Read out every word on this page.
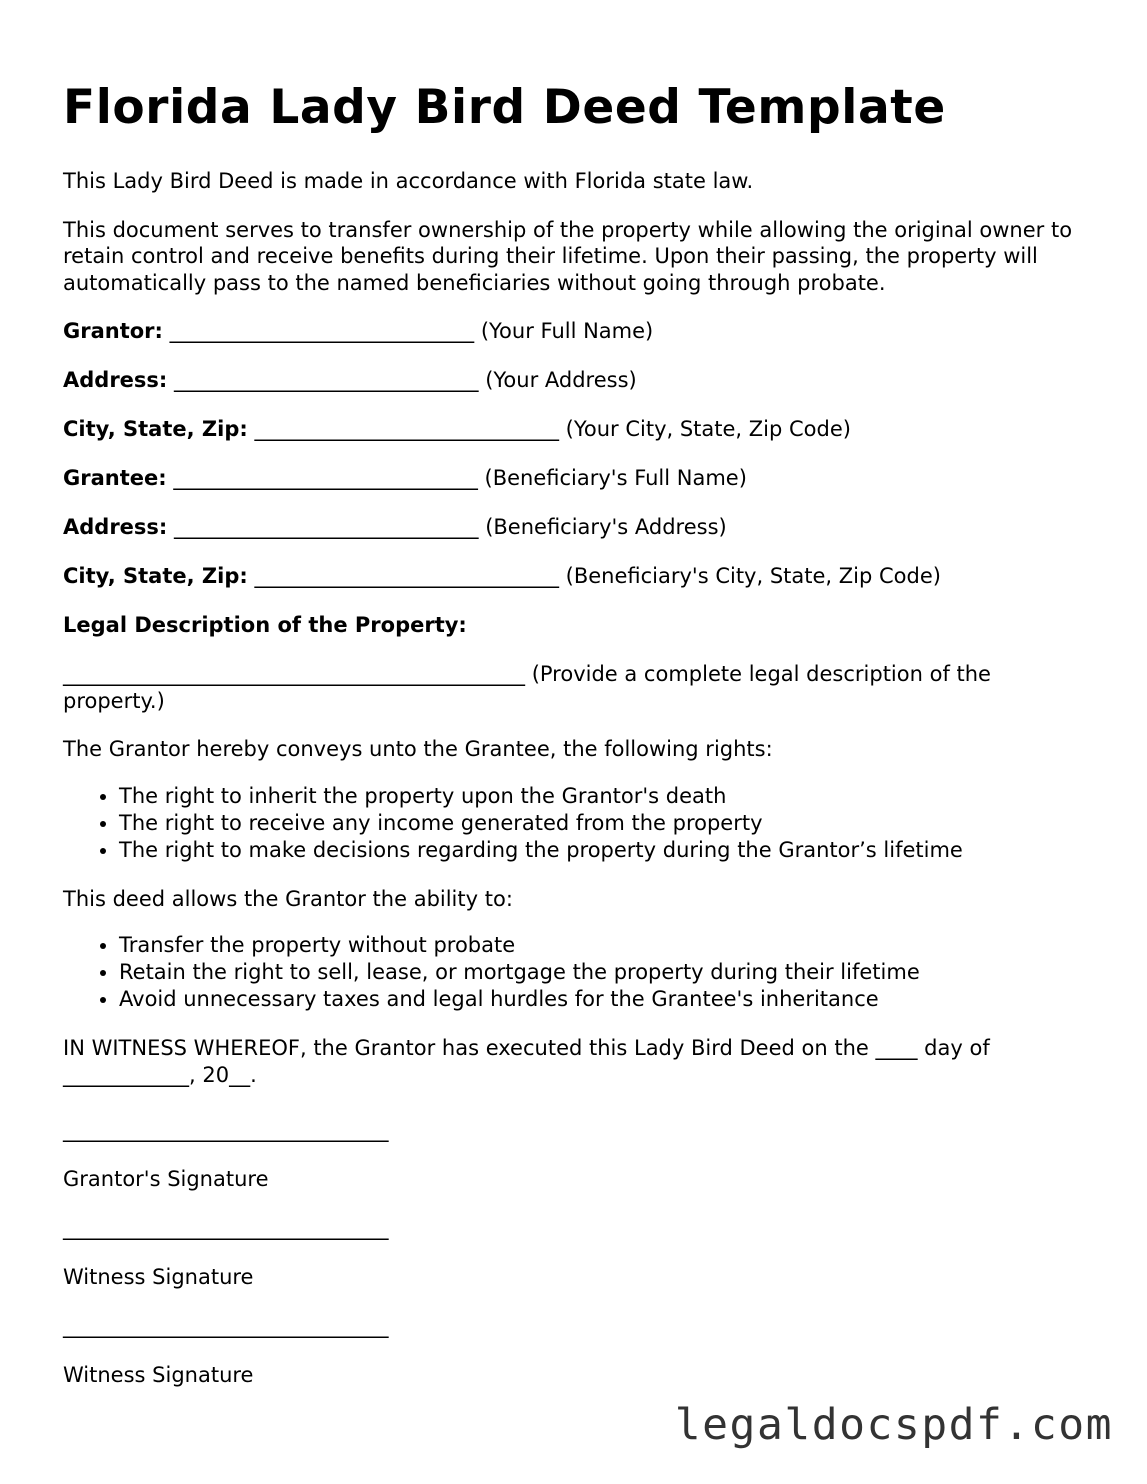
Florida Lady Bird Deed Template

This Lady Bird Deed is made in accordance with Florida state law.

This document serves to transfer ownership of the property while allowing the original owner to retain control and receive benefits during their lifetime. Upon their passing, the property will automatically pass to the named beneficiaries without going through probate.

Grantor: _____________________________ (Your Full Name)
Address: _____________________________ (Your Address)
City, State, Zip: _____________________________ (Your City, State, Zip Code)
Grantee: _____________________________ (Beneficiary's Full Name)
Address: _____________________________ (Beneficiary's Address)
City, State, Zip: _____________________________ (Beneficiary's City, State, Zip Code)
Legal Description of the Property:

____________________________________________ (Provide a complete legal description of the property.)

The Grantor hereby conveys unto the Grantee, the following rights:

• The right to inherit the property upon the Grantor's death
• The right to receive any income generated from the property
• The right to make decisions regarding the property during the Grantor’s lifetime

This deed allows the Grantor the ability to:

• Transfer the property without probate
• Retain the right to sell, lease, or mortgage the property during their lifetime
• Avoid unnecessary taxes and legal hurdles for the Grantee's inheritance

IN WITNESS WHEREOF, the Grantor has executed this Lady Bird Deed on the ____ day of ____________, 20__.

_______________________________
Grantor's Signature
_______________________________
Witness Signature
_______________________________
Witness Signature
legaldocspdf.com
